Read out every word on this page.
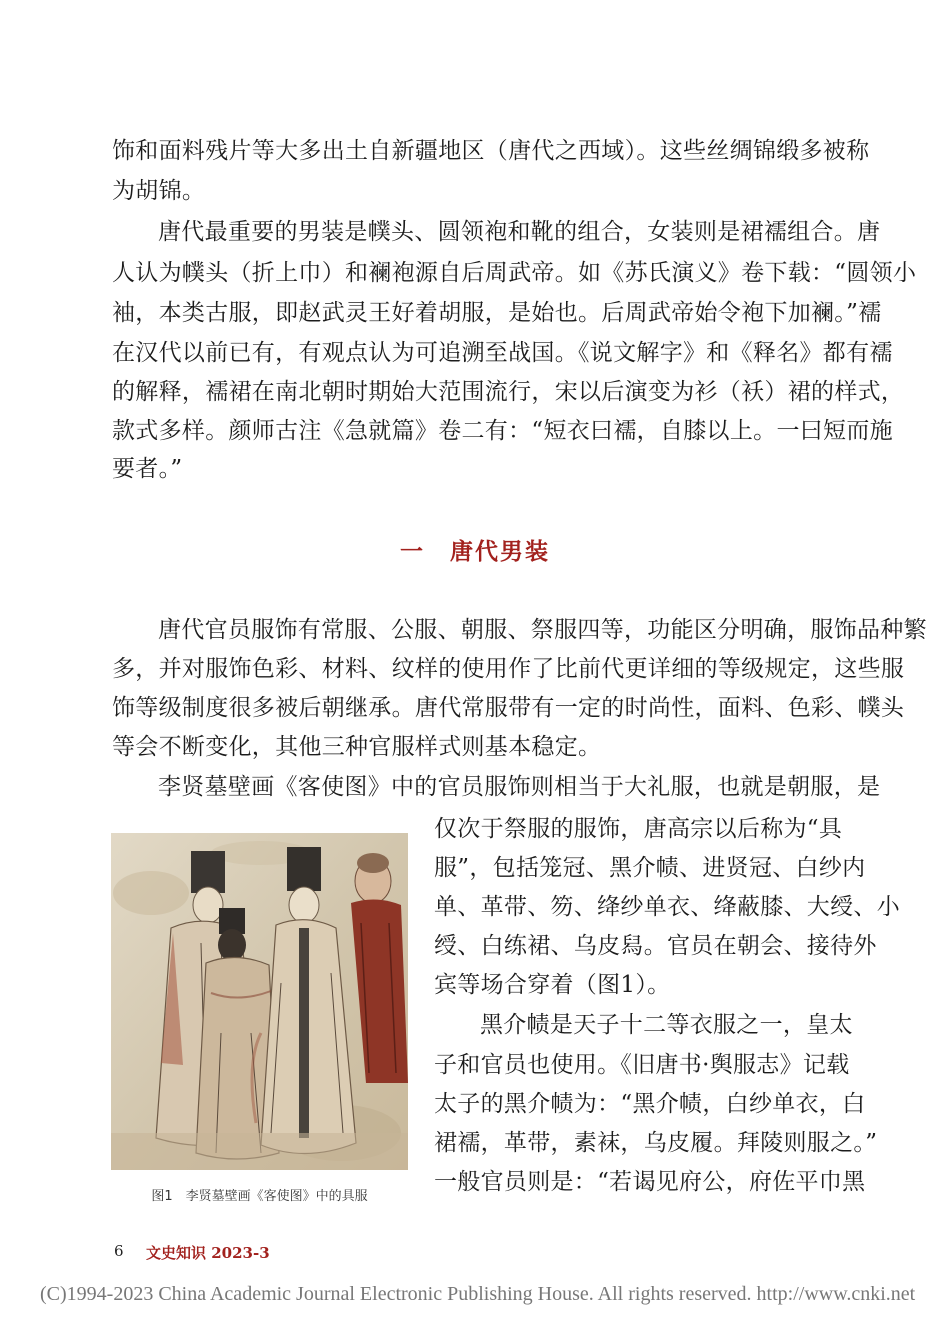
饰和面料残片等大多出土自新疆地区（唐代之西域）。这些丝绸锦缎多被称

为胡锦。

唐代最重要的男装是幞头、圆领袍和靴的组合，女装则是裙襦组合。唐

人认为幞头（折上巾）和襕袍源自后周武帝。如《苏氏演义》卷下载：“圆领小

袖，本类古服，即赵武灵王好着胡服，是始也。后周武帝始令袍下加襕。”襦

在汉代以前已有，有观点认为可追溯至战国。《说文解字》和《释名》都有襦

的解释，襦裙在南北朝时期始大范围流行，宋以后演变为衫（袄）裙的样式，

款式多样。颜师古注《急就篇》卷二有：“短衣曰襦，自膝以上。一曰短而施

要者。”

一　唐代男装

唐代官员服饰有常服、公服、朝服、祭服四等，功能区分明确，服饰品种繁

多，并对服饰色彩、材料、纹样的使用作了比前代更详细的等级规定，这些服

饰等级制度很多被后朝继承。唐代常服带有一定的时尚性，面料、色彩、幞头

等会不断变化，其他三种官服样式则基本稳定。

李贤墓壁画《客使图》中的官员服饰则相当于大礼服，也就是朝服，是

仅次于祭服的服饰，唐高宗以后称为“具

服”，包括笼冠、黑介帻、进贤冠、白纱内

单、革带、笏、绛纱单衣、绛蔽膝、大绶、小

绶、白练裙、乌皮舄。官员在朝会、接待外

宾等场合穿着（图1）。

黑介帻是天子十二等衣服之一，皇太

子和官员也使用。《旧唐书·舆服志》记载

太子的黑介帻为：“黑介帻，白纱单衣，白

裙襦，革带，素袜，乌皮履。拜陵则服之。”

一般官员则是：“若谒见府公，府佐平巾黑

图1　李贤墓壁画《客使图》中的具服
6 文史知识 2023-3
(C)1994-2023 China Academic Journal Electronic Publishing House. All rights reserved. http://www.cnki.net
